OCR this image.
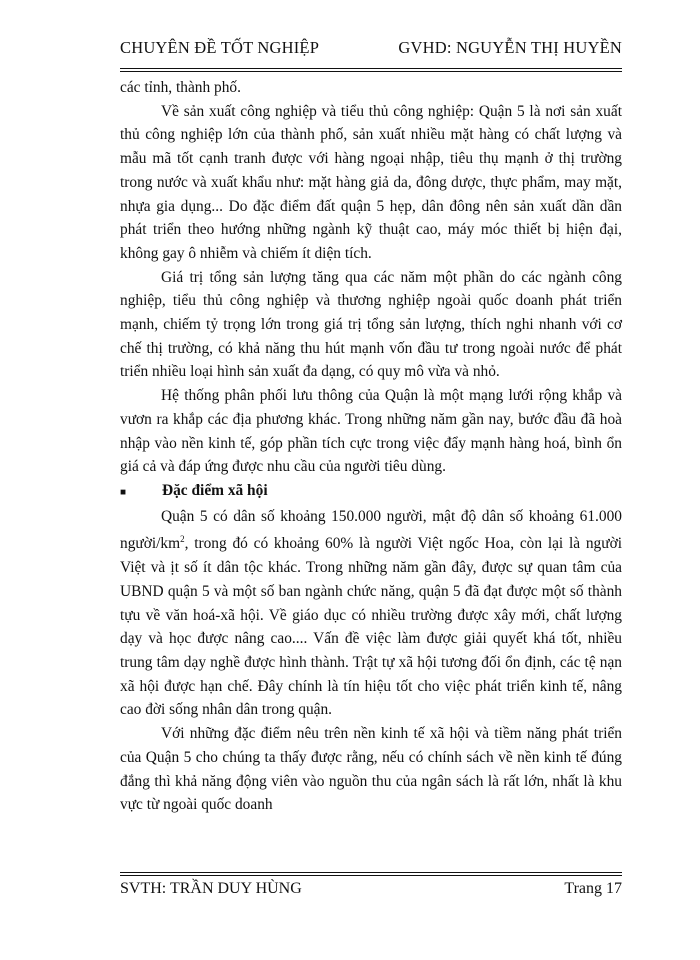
CHUYÊN ĐỀ TỐT NGHIỆP	GVHD: NGUYỄN THỊ HUYỀN

các tỉnh, thành phố.

Về sản xuất công nghiệp và tiểu thủ công nghiệp: Quận 5 là nơi sản xuất thủ công nghiệp lớn của thành phố, sản xuất nhiều mặt hàng có chất lượng và mẫu mã tốt cạnh tranh được với hàng ngoại nhập, tiêu thụ mạnh ở thị trường trong nước và xuất khẩu như: mặt hàng giả da, đông dược, thực phẩm, may mặt, nhựa gia dụng... Do đặc điểm đất quận 5 hẹp, dân đông nên sản xuất dần dần phát triển theo hướng những ngành kỹ thuật cao, máy móc thiết bị hiện đại, không gay ô nhiễm và chiếm ít diện tích.

Giá trị tổng sản lượng tăng qua các năm một phần do các ngành công nghiệp, tiểu thủ công nghiệp và thương nghiệp ngoài quốc doanh phát triển mạnh, chiếm tỷ trọng lớn trong giá trị tổng sản lượng, thích nghi nhanh với cơ chế thị trường, có khả năng thu hút mạnh vốn đầu tư trong ngoài nước để phát triển nhiều loại hình sản xuất đa dạng, có quy mô vừa và nhỏ.

Hệ thống phân phối lưu thông của Quận là một mạng lưới rộng khắp và vươn ra khắp các địa phương khác. Trong những năm gần nay, bước đầu đã hoà nhập vào nền kinh tế, góp phần tích cực trong việc đẩy mạnh hàng hoá, bình ổn giá cả và đáp ứng được nhu cầu của người tiêu dùng.

■	Đặc điểm xã hội

Quận 5 có dân số khoảng 150.000 người, mật độ dân số khoảng 61.000 người/$km^2$, trong đó có khoảng 60% là người Việt ngốc Hoa, còn lại là người Việt và ịt số ít dân tộc khác. Trong những năm gần đây, được sự quan tâm của UBND quận 5 và một số ban ngành chức năng, quận 5 đã đạt được một số thành tựu về văn hoá-xã hội. Về giáo dục có nhiều trường được xây mới, chất lượng dạy và học được nâng cao.... Vấn đề việc làm được giải quyết khá tốt, nhiều trung tâm dạy nghề được hình thành. Trật tự xã hội tương đối ổn định, các tệ nạn xã hội được hạn chế. Đây chính là tín hiệu tốt cho việc phát triển kinh tế, nâng cao đời sống nhân dân trong quận.

Với những đặc điểm nêu trên nền kinh tế xã hội và tiềm năng phát triển của Quận 5 cho chúng ta thấy được rằng, nếu có chính sách về nền kinh tế đúng đắng thì khả năng động viên vào nguồn thu của ngân sách là rất lớn, nhất là khu vực từ ngoài quốc doanh

SVTH: TRẦN DUY HÙNG	Trang 17
